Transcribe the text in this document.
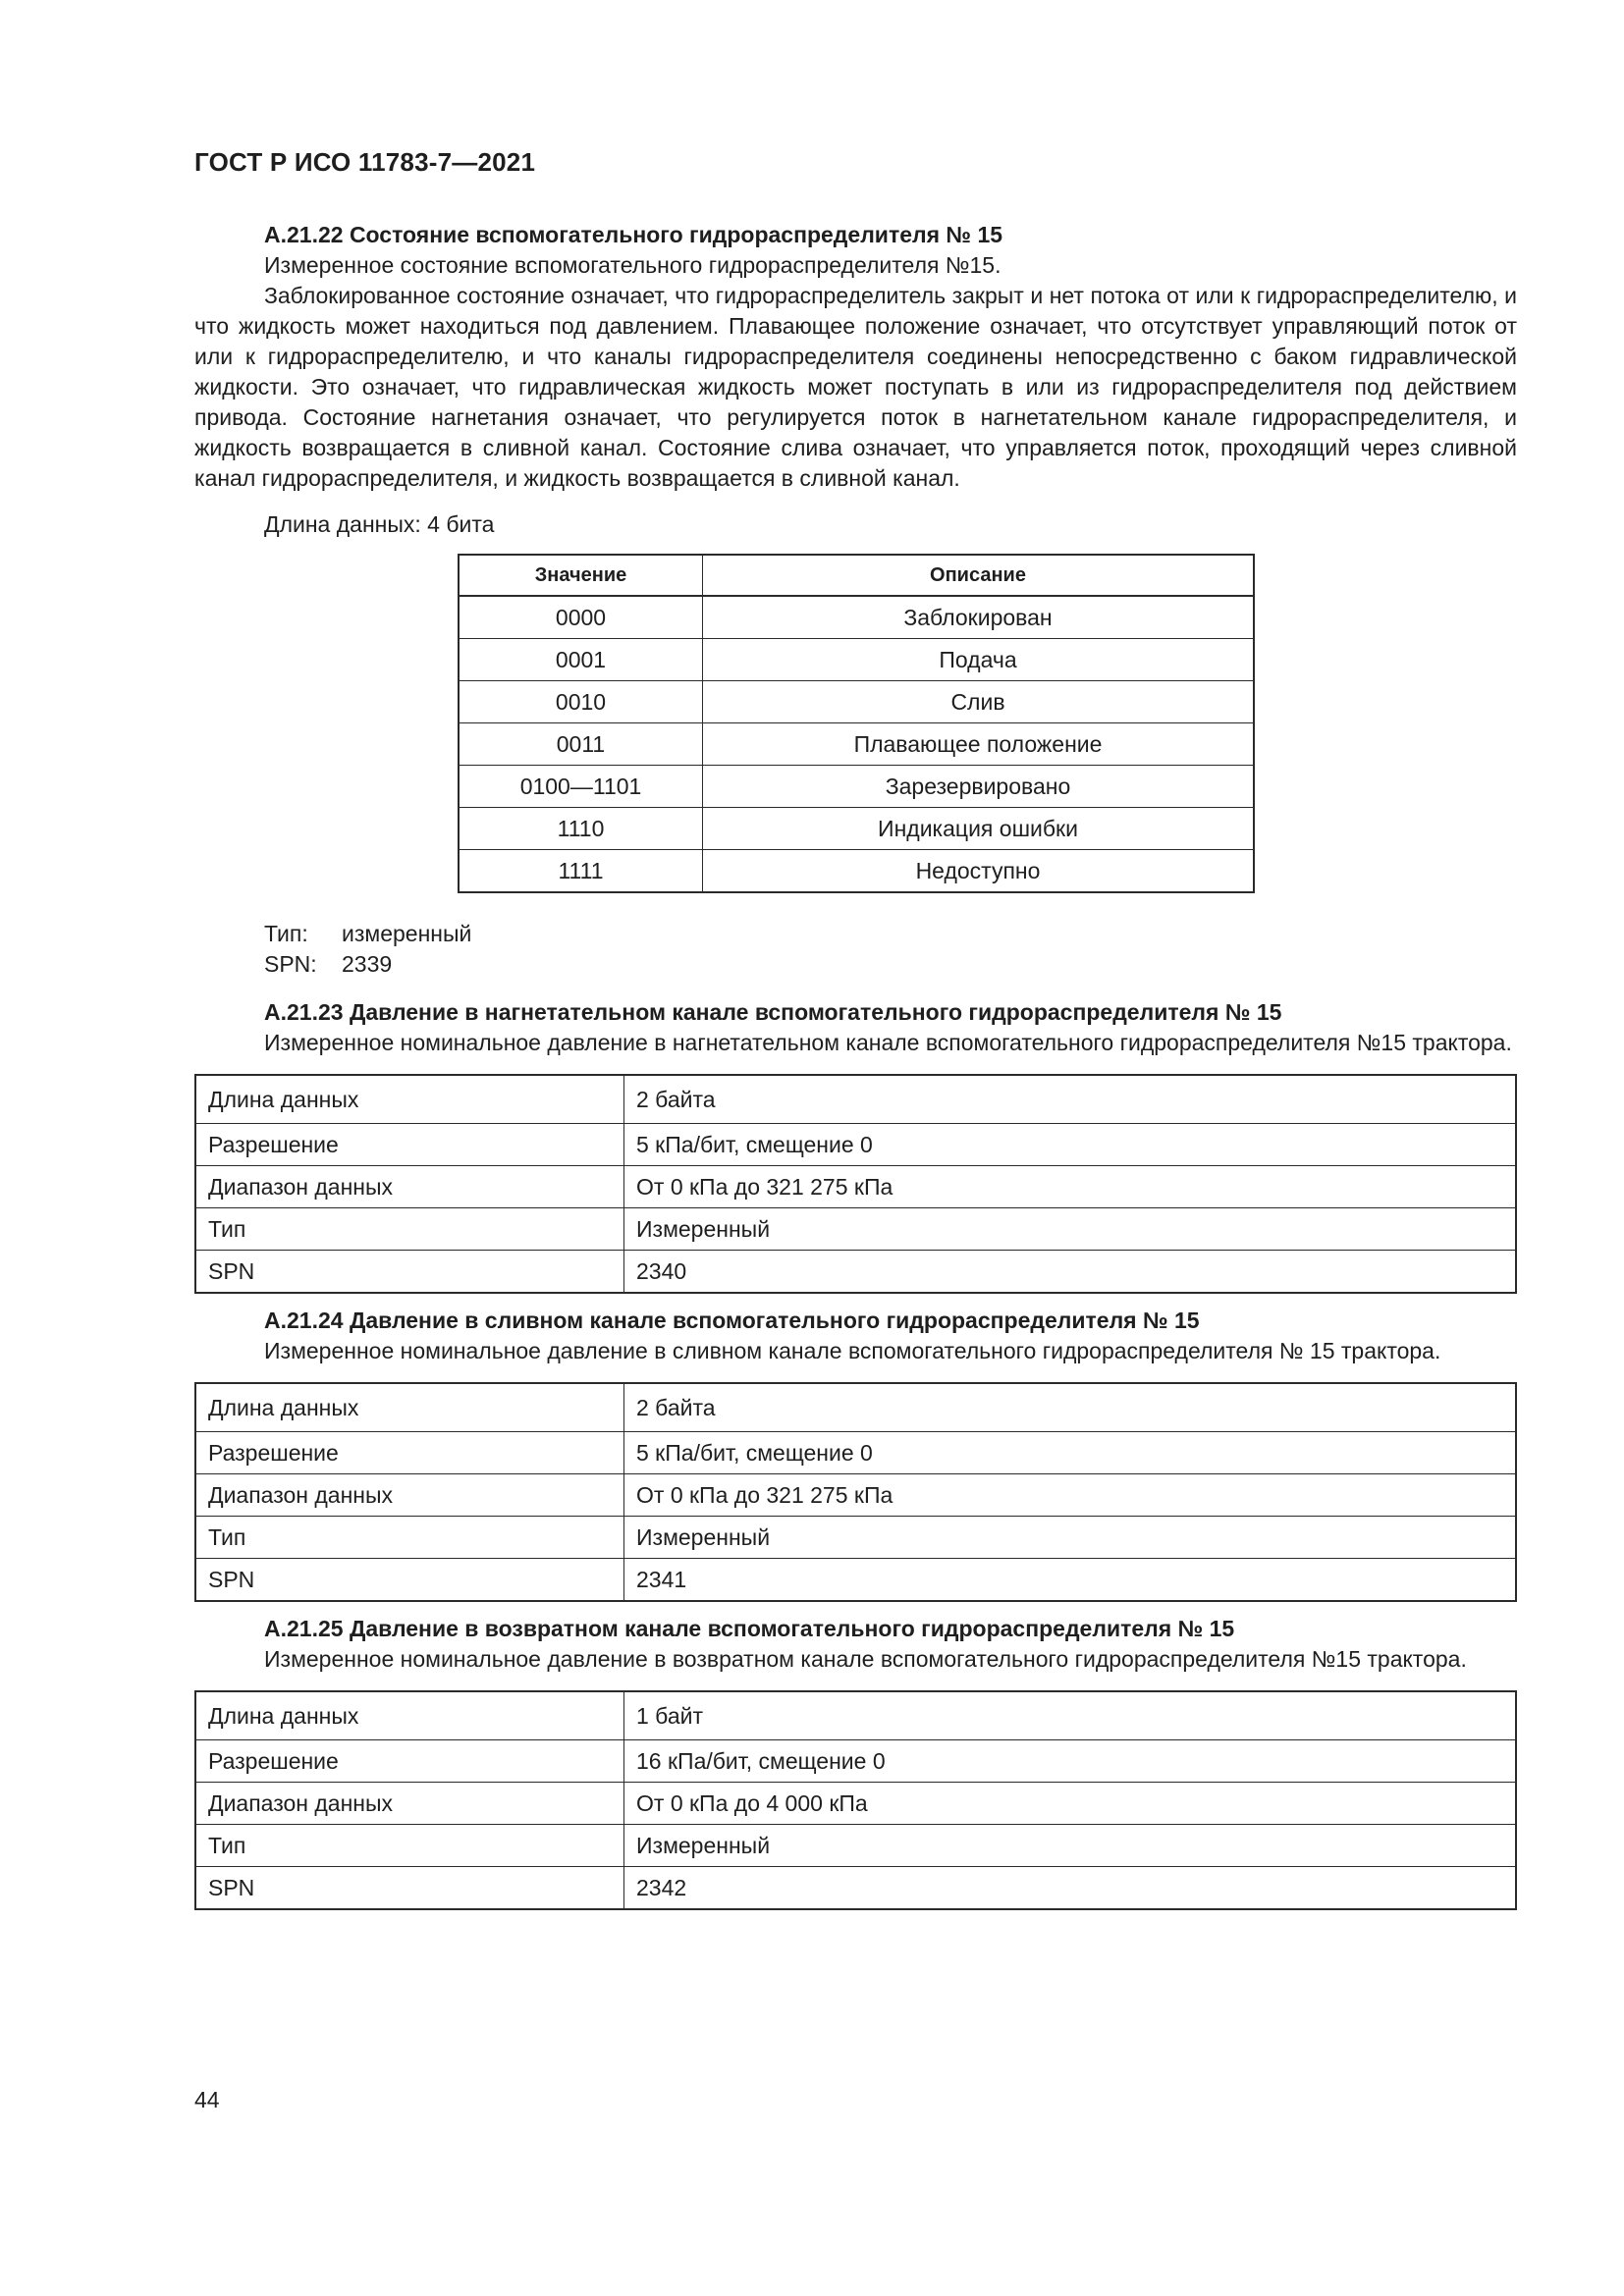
ГОСТ Р ИСО 11783-7—2021

А.21.22 Состояние вспомогательного гидрораспределителя № 15

Измеренное состояние вспомогательного гидрораспределителя №15.

Заблокированное состояние означает, что гидрораспределитель закрыт и нет потока от или к гидрораспределителю, и что жидкость может находиться под давлением. Плавающее положение означает, что отсутствует управляющий поток от или к гидрораспределителю, и что каналы гидрораспределителя соединены непосредственно с баком гидравлической жидкости. Это означает, что гидравлическая жидкость может поступать в или из гидрораспределителя под действием привода. Состояние нагнетания означает, что регулируется поток в нагнетательном канале гидрораспределителя, и жидкость возвращается в сливной канал. Состояние слива означает, что управляется поток, проходящий через сливной канал гидрораспределителя, и жидкость возвращается в сливной канал.

Длина данных: 4 бита

Значение	Описание
0000	Заблокирован
0001	Подача
0010	Слив
0011	Плавающее положение
0100—1101	Зарезервировано
1110	Индикация ошибки
1111	Недоступно
Тип:	измеренный
SPN:	2339

А.21.23 Давление в нагнетательном канале вспомогательного гидрораспределителя № 15

Измеренное номинальное давление в нагнетательном канале вспомогательного гидрораспределителя №15 трактора.

Длина данных	2 байта
Разрешение	5 кПа/бит, смещение 0
Диапазон данных	От 0 кПа до 321 275 кПа
Тип	Измеренный
SPN	2340

А.21.24 Давление в сливном канале вспомогательного гидрораспределителя № 15

Измеренное номинальное давление в сливном канале вспомогательного гидрораспределителя № 15 трактора.

Длина данных	2 байта
Разрешение	5 кПа/бит, смещение 0
Диапазон данных	От 0 кПа до 321 275 кПа
Тип	Измеренный
SPN	2341

А.21.25 Давление в возвратном канале вспомогательного гидрораспределителя № 15

Измеренное номинальное давление в возвратном канале вспомогательного гидрораспределителя №15 трактора.

Длина данных	1 байт
Разрешение	16 кПа/бит, смещение 0
Диапазон данных	От 0 кПа до 4 000 кПа
Тип	Измеренный
SPN	2342
44
